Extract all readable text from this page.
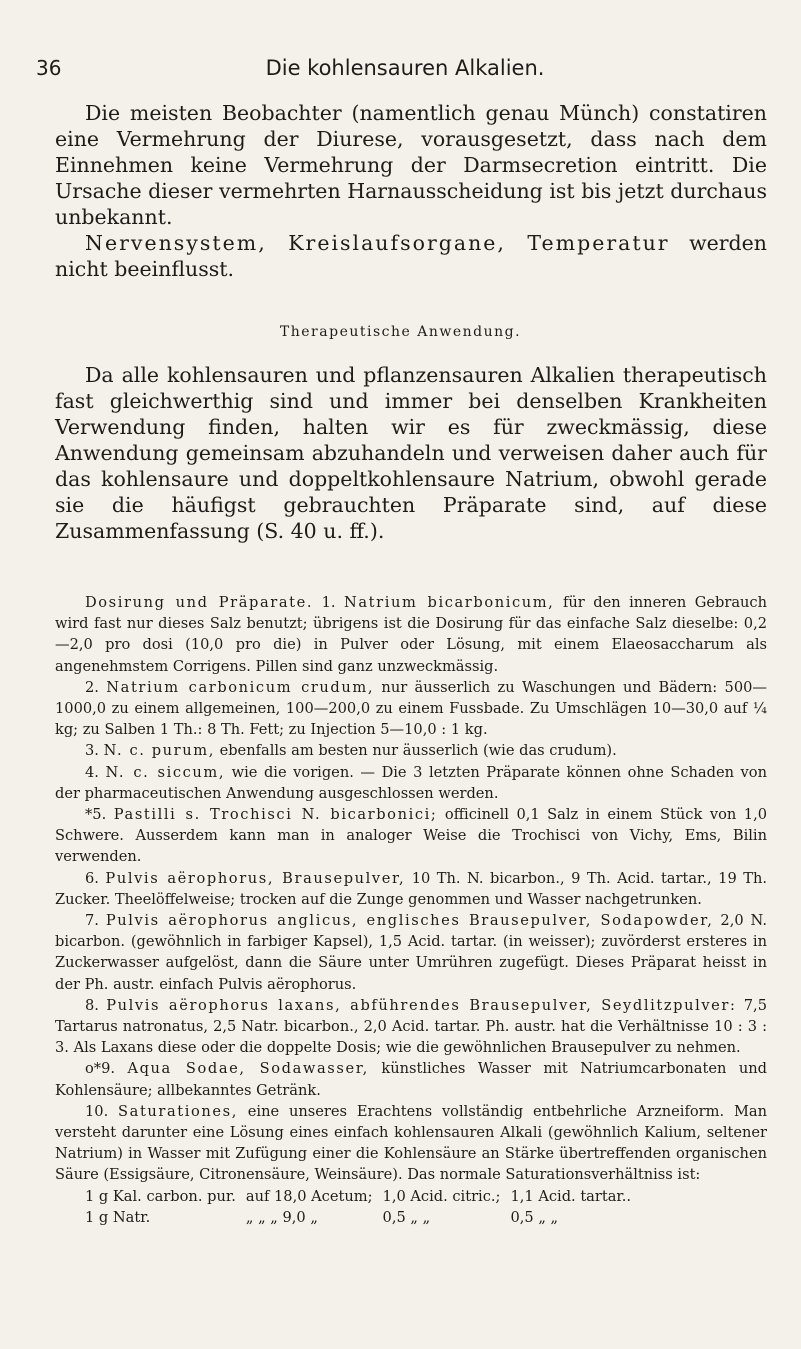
36	Die kohlensauren Alkalien.

Die meisten Beobachter (namentlich genau Münch) constatiren eine Vermehrung der Diurese, vorausgesetzt, dass nach dem Einnehmen keine Vermehrung der Darmsecretion eintritt. Die Ursache dieser vermehrten Harnausscheidung ist bis jetzt durchaus unbekannt.

Nervensystem, Kreislaufsorgane, Temperatur werden nicht beeinflusst.

Therapeutische Anwendung.

Da alle kohlensauren und pflanzensauren Alkalien therapeutisch fast gleichwerthig sind und immer bei denselben Krankheiten Verwendung finden, halten wir es für zweckmässig, diese Anwendung gemeinsam abzuhandeln und verweisen daher auch für das kohlensaure und doppeltkohlensaure Natrium, obwohl gerade sie die häufigst gebrauchten Präparate sind, auf diese Zusammenfassung (S. 40 u. ff.).

Dosirung und Präparate. 1. Natrium bicarbonicum, für den inneren Gebrauch wird fast nur dieses Salz benutzt; übrigens ist die Dosirung für das einfache Salz dieselbe: 0,2—2,0 pro dosi (10,0 pro die) in Pulver oder Lösung, mit einem Elaeosaccharum als angenehmstem Corrigens. Pillen sind ganz unzweckmässig.

2. Natrium carbonicum crudum, nur äusserlich zu Waschungen und Bädern: 500—1000,0 zu einem allgemeinen, 100—200,0 zu einem Fussbade. Zu Umschlägen 10—30,0 auf ¼ kg; zu Salben 1 Th.: 8 Th. Fett; zu Injection 5—10,0 : 1 kg.

3. N. c. purum, ebenfalls am besten nur äusserlich (wie das crudum).

4. N. c. siccum, wie die vorigen. — Die 3 letzten Präparate können ohne Schaden von der pharmaceutischen Anwendung ausgeschlossen werden.

*5. Pastilli s. Trochisci N. bicarbonici; officinell 0,1 Salz in einem Stück von 1,0 Schwere. Ausserdem kann man in analoger Weise die Trochisci von Vichy, Ems, Bilin verwenden.

6. Pulvis aërophorus, Brausepulver, 10 Th. N. bicarbon., 9 Th. Acid. tartar., 19 Th. Zucker. Theelöffelweise; trocken auf die Zunge genommen und Wasser nachgetrunken.

7. Pulvis aërophorus anglicus, englisches Brausepulver, Sodapowder, 2,0 N. bicarbon. (gewöhnlich in farbiger Kapsel), 1,5 Acid. tartar. (in weisser); zuvörderst ersteres in Zuckerwasser aufgelöst, dann die Säure unter Umrühren zugefügt. Dieses Präparat heisst in der Ph. austr. einfach Pulvis aërophorus.

8. Pulvis aërophorus laxans, abführendes Brausepulver, Seydlitzpulver: 7,5 Tartarus natronatus, 2,5 Natr. bicarbon., 2,0 Acid. tartar. Ph. austr. hat die Verhältnisse 10 : 3 : 3. Als Laxans diese oder die doppelte Dosis; wie die gewöhnlichen Brausepulver zu nehmen.

o*9. Aqua Sodae, Sodawasser, künstliches Wasser mit Natriumcarbonaten und Kohlensäure; allbekanntes Getränk.

10. Saturationes, eine unseres Erachtens vollständig entbehrliche Arzneiform. Man versteht darunter eine Lösung eines einfach kohlensauren Alkali (gewöhnlich Kalium, seltener Natrium) in Wasser mit Zufügung einer die Kohlensäure an Stärke übertreffenden organischen Säure (Essigsäure, Citronensäure, Weinsäure). Das normale Saturationsverhältniss ist:

1 g Kal. carbon. pur.	auf 18,0 Acetum;	1,0 Acid. citric.;	1,1 Acid. tartar..
1 g Natr.	„ „ „ 9,0 „	0,5 „ „	0,5 „ „
